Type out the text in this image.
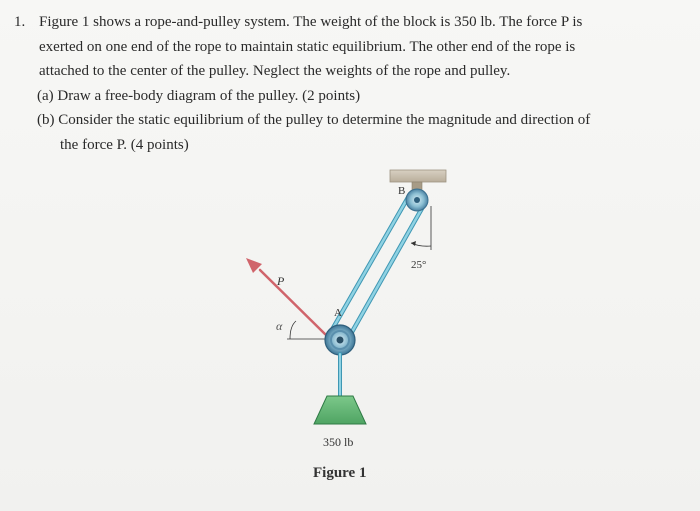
1. Figure 1 shows a rope-and-pulley system. The weight of the block is 350 lb. The force P is
exerted on one end of the rope to maintain static equilibrium. The other end of the rope is
attached to the center of the pulley. Neglect the weights of the rope and pulley.
(a) Draw a free-body diagram of the pulley. (2 points)
(b) Consider the static equilibrium of the pulley to determine the magnitude and direction of
the force P. (4 points)
B
25°
P
α
A
350 lb
Figure 1
